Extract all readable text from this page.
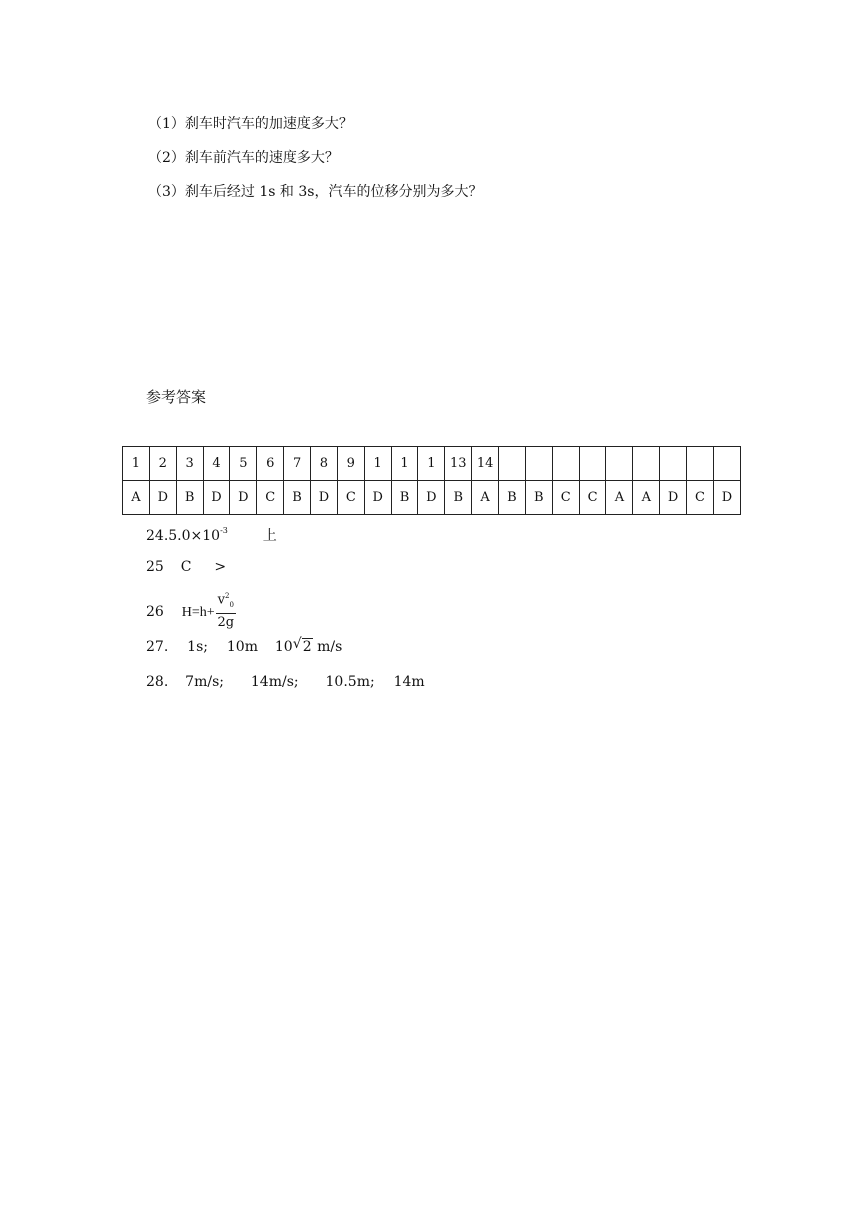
（1）刹车时汽车的加速度多大？
（2）刹车前汽车的速度多大？
（3）刹车后经过 1s 和 3s，汽车的位移分别为多大？
参考答案
1	2	3	4	5	6	7	8	9	1	1	1	13	14									
A	D	B	D	D	C	B	D	C	D	B	D	B	A	B	B	C	C	A	A	D	C	D
$24.5.0\times 10^{-3}$ 上
25 C >
26 $H=h+ \frac{v^2_0}{2g}$
27. 1s; 10m 10 √ 2 m/s
28. 7m/s; 14m/s; 10.5m; 14m
